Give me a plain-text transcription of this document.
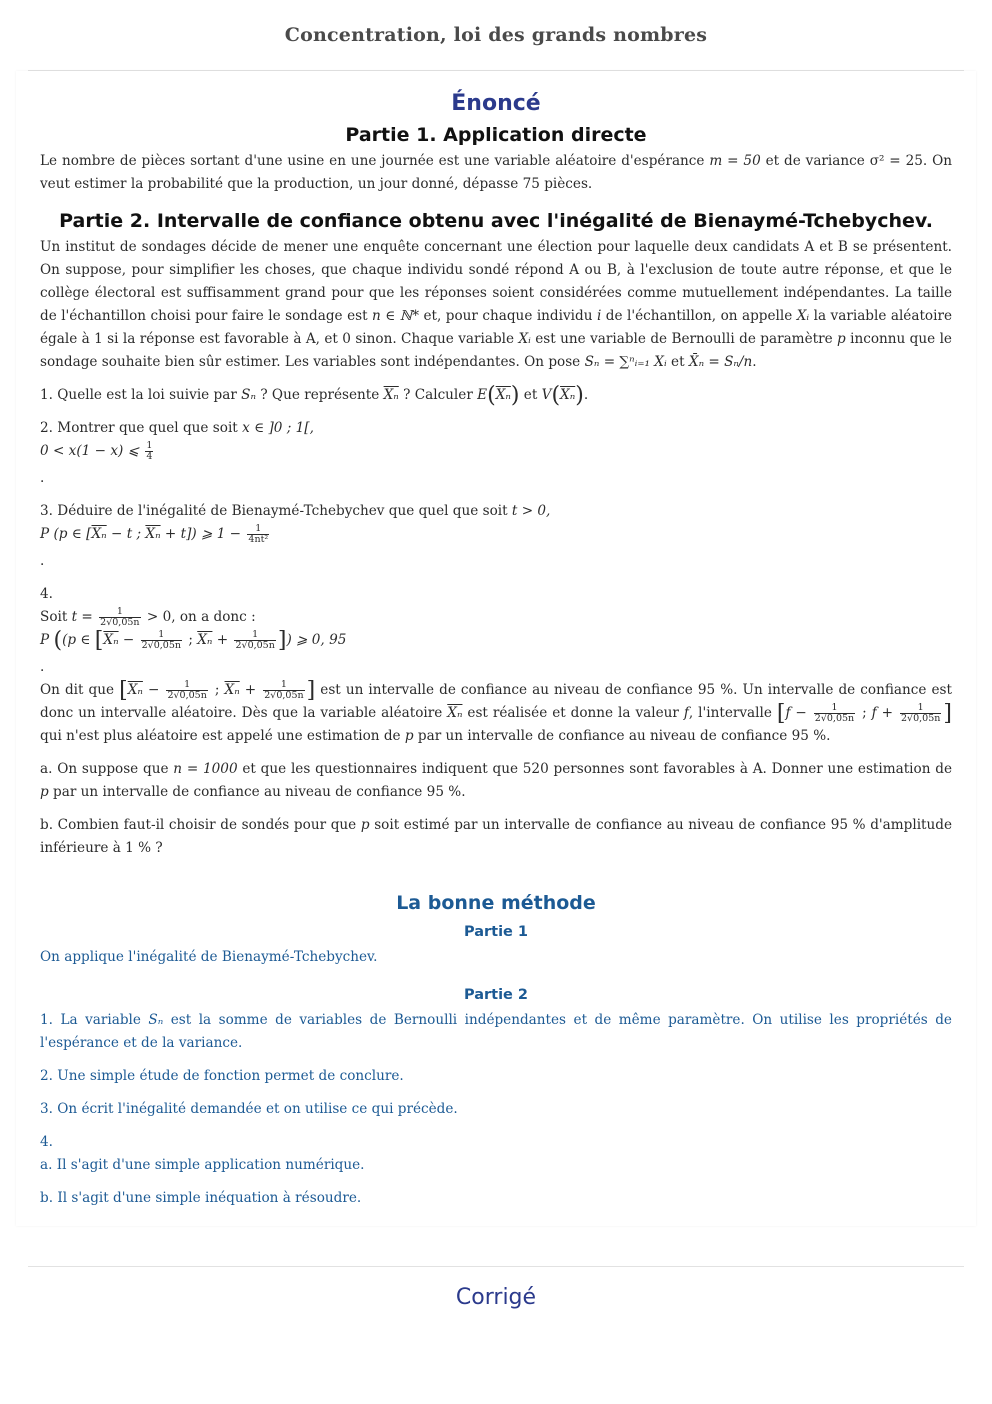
Concentration, loi des grands nombres
Énoncé
Partie 1. Application directe

Le nombre de pièces sortant d'une usine en une journée est une variable aléatoire d'espérance m = 50 et de variance σ² = 25. On veut estimer la probabilité que la production, un jour donné, dépasse 75 pièces.

Partie 2. Intervalle de confiance obtenu avec l'inégalité de Bienaymé-Tchebychev.

Un institut de sondages décide de mener une enquête concernant une élection pour laquelle deux candidats A et B se présentent. On suppose, pour simplifier les choses, que chaque individu sondé répond A ou B, à l'exclusion de toute autre réponse, et que le collège électoral est suffisamment grand pour que les réponses soient considérées comme mutuellement indépendantes. La taille de l'échantillon choisi pour faire le sondage est n ∈ ℕ* et, pour chaque individu i de l'échantillon, on appelle Xᵢ la variable aléatoire égale à 1 si la réponse est favorable à A, et 0 sinon. Chaque variable Xᵢ est une variable de Bernoulli de paramètre p inconnu que le sondage souhaite bien sûr estimer. Les variables sont indépendantes. On pose Sₙ = ∑ⁿᵢ₌₁ Xᵢ et X̄ₙ = Sₙ/n.

1. Quelle est la loi suivie par Sₙ ? Que représente $\overline{X_n}$ ? Calculer $E(\overline{X_n})$ et $V(\overline{X_n})$.

2. Montrer que quel que soit x ∈ ]0 ; 1[,

0 < x(1 − x) ⩽ $\frac{1}{4}$

.

3. Déduire de l'inégalité de Bienaymé-Tchebychev que quel que soit t > 0,

P (p ∈ [$\overline{X_n} - t$ ; $\overline{X_n} + t$]) ⩾ $1 - \frac{1}{\text{4nt²}}$

.

4.

Soit $t = \frac{1}{2√0,05n} > 0$, on a donc :

P ((p ∈ [$\overline{X_n} - \frac{1}{2√0,05n}$ ; $\overline{X_n} + \frac{1}{2√0,05n}$ ]) ⩾ 0, 95

.

On dit que [$\overline{X_n} - \frac{1}{2√0,05n}$ ; $\overline{X_n} + \frac{1}{2√0,05n}$ ] est un intervalle de confiance au niveau de confiance 95 %. Un intervalle de confiance est donc un intervalle aléatoire. Dès que la variable aléatoire $\overline{X_n}$ est réalisée et donne la valeur f, l'intervalle [$f - \frac{1}{2√0,05n}$ ; $f + \frac{1}{2√0,05n}$ ] qui n'est plus aléatoire est appelé une estimation de p par un intervalle de confiance au niveau de confiance 95 %.

a. On suppose que n = 1000 et que les questionnaires indiquent que 520 personnes sont favorables à A. Donner une estimation de p par un intervalle de confiance au niveau de confiance 95 %.

b. Combien faut-il choisir de sondés pour que p soit estimé par un intervalle de confiance au niveau de confiance 95 % d'amplitude inférieure à 1 % ?

La bonne méthode
Partie 1

On applique l'inégalité de Bienaymé-Tchebychev.

Partie 2

1. La variable Sₙ est la somme de variables de Bernoulli indépendantes et de même paramètre. On utilise les propriétés de l'espérance et de la variance.

2. Une simple étude de fonction permet de conclure.

3. On écrit l'inégalité demandée et on utilise ce qui précède.

4.

a. Il s'agit d'une simple application numérique.

b. Il s'agit d'une simple inéquation à résoudre.

Corrigé
